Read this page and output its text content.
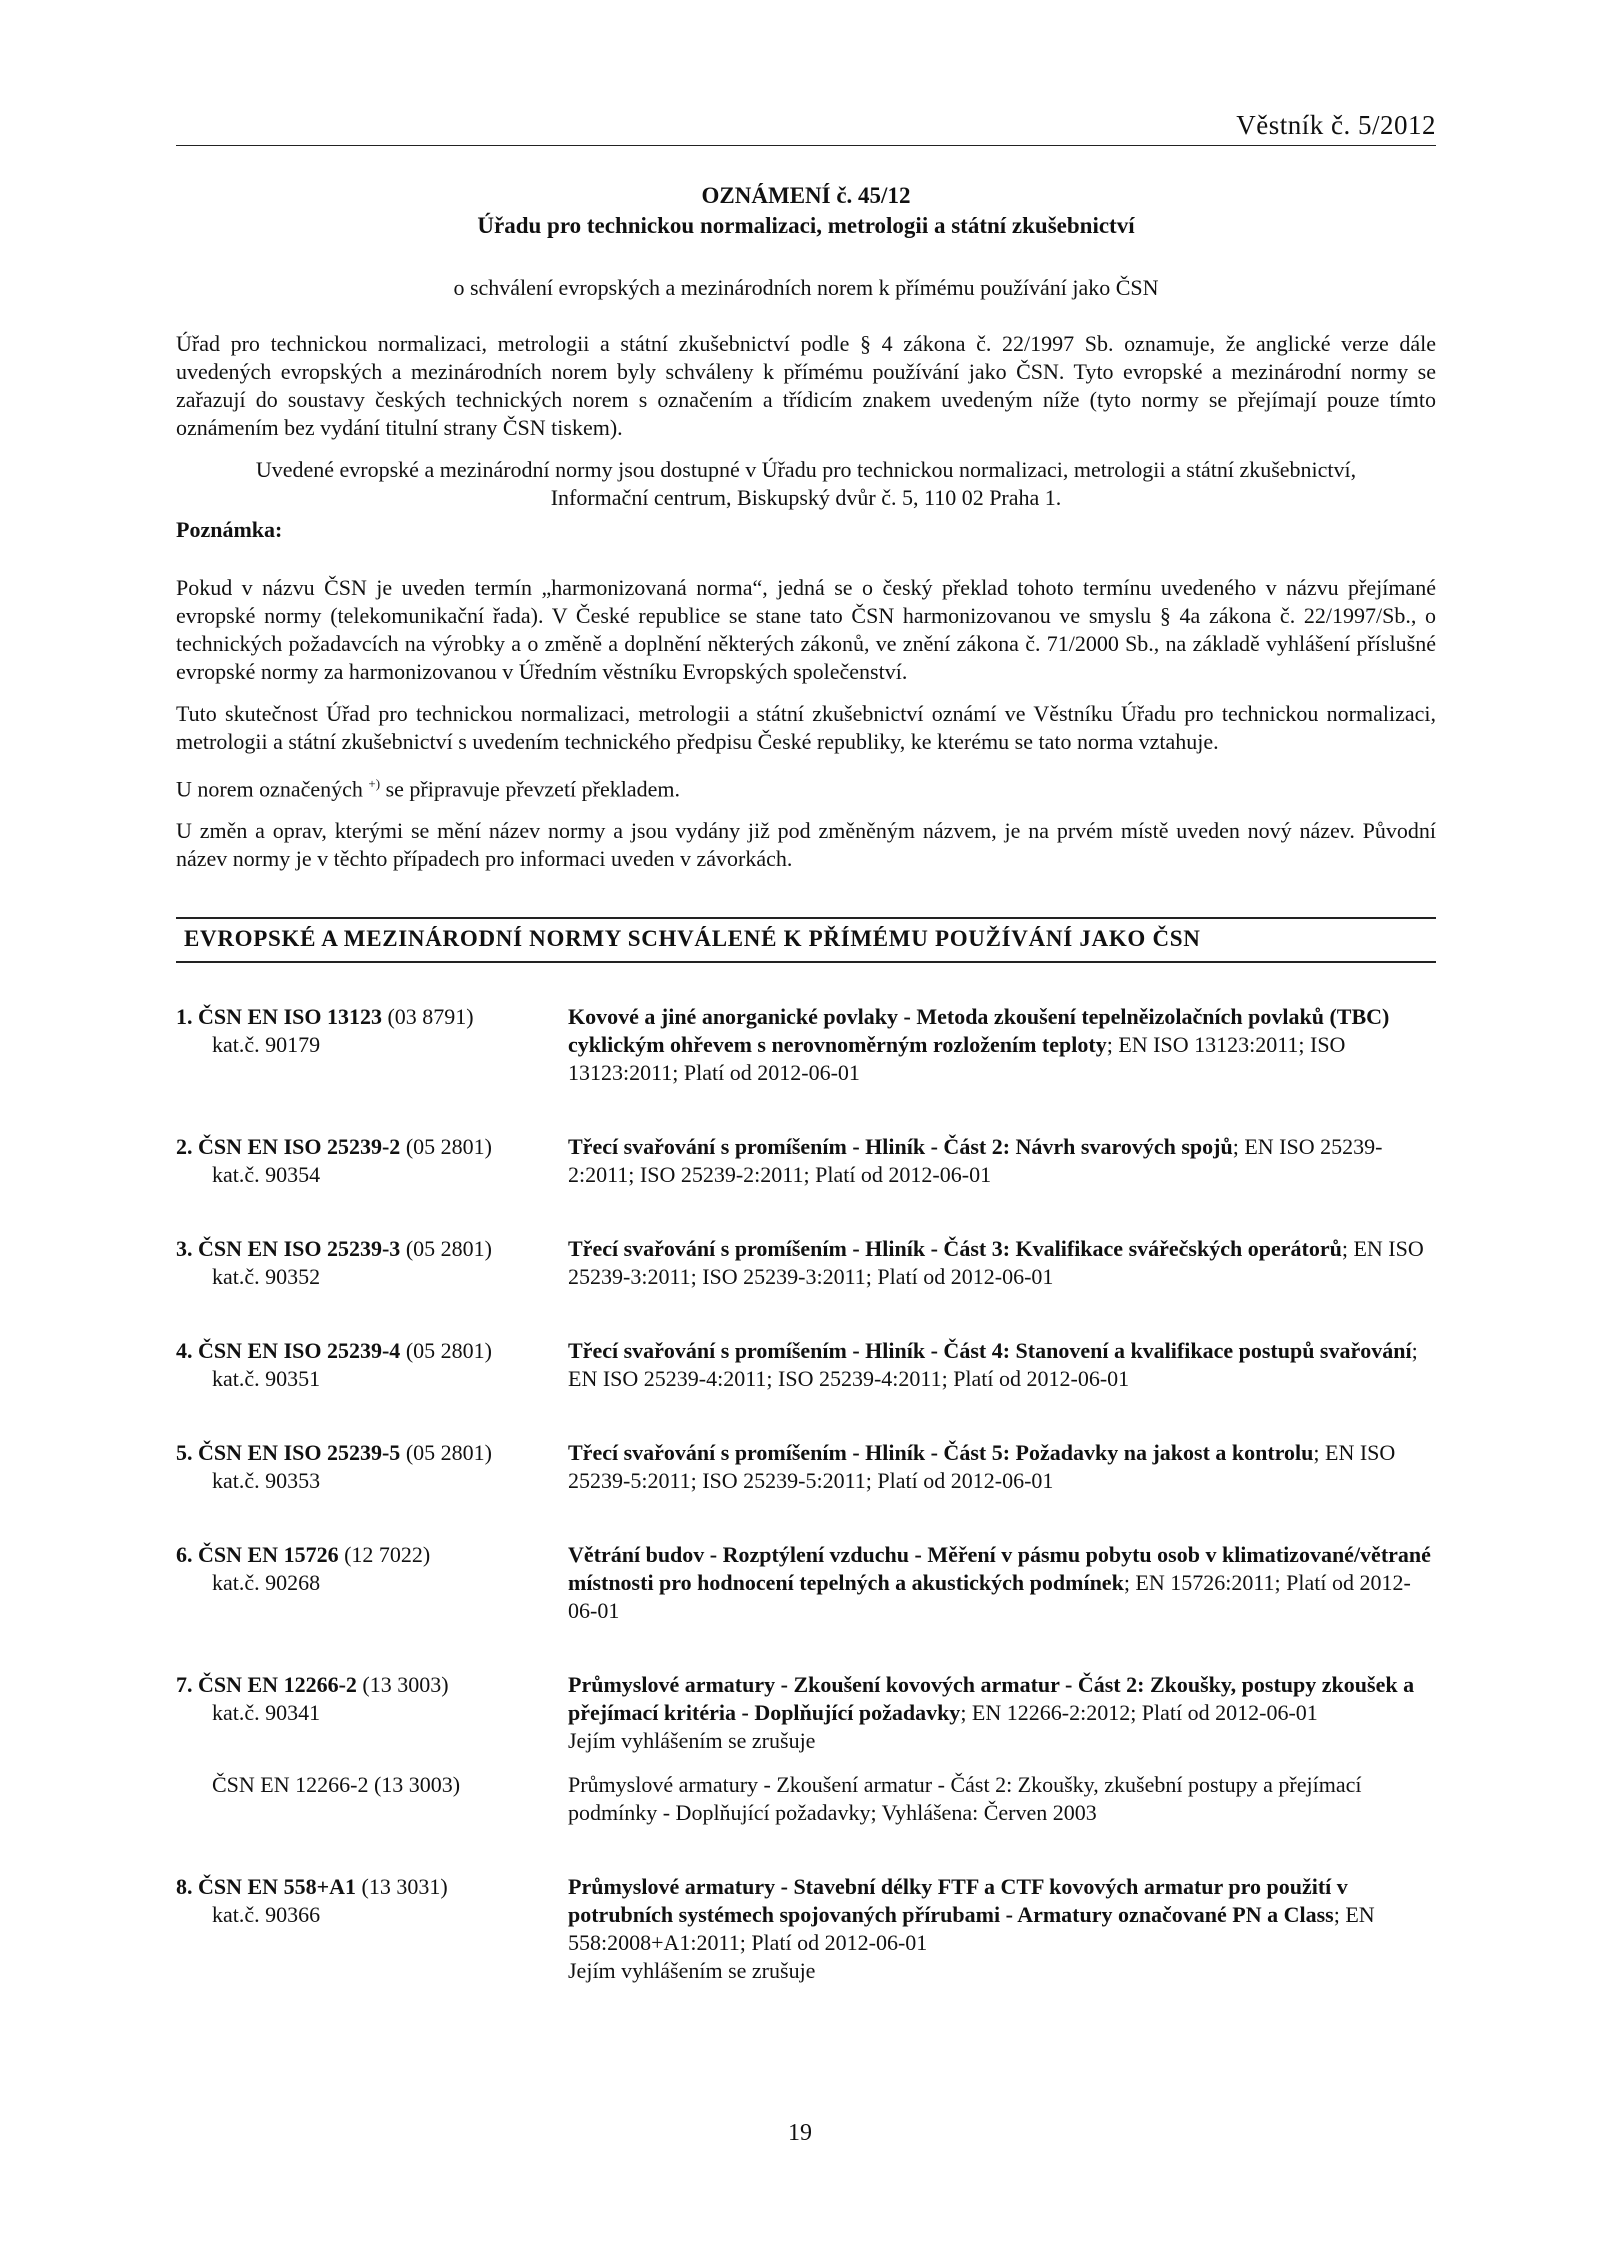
Věstník č. 5/2012
OZNÁMENÍ č. 45/12
Úřadu pro technickou normalizaci, metrologii a státní zkušebnictví
o schválení evropských a mezinárodních norem k přímému používání jako ČSN

Úřad pro technickou normalizaci, metrologii a státní zkušebnictví podle § 4 zákona č. 22/1997 Sb. oznamuje, že anglické verze dále uvedených evropských a mezinárodních norem byly schváleny k přímému používání jako ČSN. Tyto evropské a mezinárodní normy se zařazují do soustavy českých technických norem s označením a třídicím znakem uvedeným níže (tyto normy se přejímají pouze tímto oznámením bez vydání titulní strany ČSN tiskem).

Uvedené evropské a mezinárodní normy jsou dostupné v Úřadu pro technickou normalizaci, metrologii a státní zkušebnictví,
Informační centrum, Biskupský dvůr č. 5, 110 02 Praha 1.
Poznámka:

Pokud v názvu ČSN je uveden termín „harmonizovaná norma“, jedná se o český překlad tohoto termínu uvedeného v názvu přejímané evropské normy (telekomunikační řada). V České republice se stane tato ČSN harmonizovanou ve smyslu § 4a zákona č. 22/1997/Sb., o technických požadavcích na výrobky a o změně a doplnění některých zákonů, ve znění zákona č. 71/2000 Sb., na základě vyhlášení příslušné evropské normy za harmonizovanou v Úředním věstníku Evropských společenství.

Tuto skutečnost Úřad pro technickou normalizaci, metrologii a státní zkušebnictví oznámí ve Věstníku Úřadu pro technickou normalizaci, metrologii a státní zkušebnictví s uvedením technického předpisu České republiky, ke kterému se tato norma vztahuje.

U norem označených +) se připravuje převzetí překladem.

U změn a oprav, kterými se mění název normy a jsou vydány již pod změněným názvem, je na prvém místě uveden nový název. Původní název normy je v těchto případech pro informaci uveden v závorkách.

EVROPSKÉ A MEZINÁRODNÍ NORMY SCHVÁLENÉ K PŘÍMÉMU POUŽÍVÁNÍ JAKO ČSN
1. ČSN EN ISO 13123 (03 8791)
kat.č. 90179
Kovové a jiné anorganické povlaky - Metoda zkoušení tepelněizolačních povlaků (TBC) cyklickým ohřevem s nerovnoměrným rozložením teploty; EN ISO 13123:2011; ISO 13123:2011; Platí od 2012-06-01
2. ČSN EN ISO 25239-2 (05 2801)
kat.č. 90354
Třecí svařování s promíšením - Hliník - Část 2: Návrh svarových spojů; EN ISO 25239-2:2011; ISO 25239-2:2011; Platí od 2012-06-01
3. ČSN EN ISO 25239-3 (05 2801)
kat.č. 90352
Třecí svařování s promíšením - Hliník - Část 3: Kvalifikace svářečských operátorů; EN ISO 25239-3:2011; ISO 25239-3:2011; Platí od 2012-06-01
4. ČSN EN ISO 25239-4 (05 2801)
kat.č. 90351
Třecí svařování s promíšením - Hliník - Část 4: Stanovení a kvalifikace postupů svařování; EN ISO 25239-4:2011; ISO 25239-4:2011; Platí od 2012-06-01
5. ČSN EN ISO 25239-5 (05 2801)
kat.č. 90353
Třecí svařování s promíšením - Hliník - Část 5: Požadavky na jakost a kontrolu; EN ISO 25239-5:2011; ISO 25239-5:2011; Platí od 2012-06-01
6. ČSN EN 15726 (12 7022)
kat.č. 90268
Větrání budov - Rozptýlení vzduchu - Měření v pásmu pobytu osob v klimatizované/větrané místnosti pro hodnocení tepelných a akustických podmínek; EN 15726:2011; Platí od 2012-06-01
7. ČSN EN 12266-2 (13 3003)
kat.č. 90341
Průmyslové armatury - Zkoušení kovových armatur - Část 2: Zkoušky, postupy zkoušek a přejímací kritéria - Doplňující požadavky; EN 12266-2:2012; Platí od 2012-06-01
Jejím vyhlášením se zrušuje
ČSN EN 12266-2 (13 3003)	Průmyslové armatury - Zkoušení armatur - Část 2: Zkoušky, zkušební postupy a přejímací podmínky - Doplňující požadavky; Vyhlášena: Červen 2003
8. ČSN EN 558+A1 (13 3031)
kat.č. 90366
Průmyslové armatury - Stavební délky FTF a CTF kovových armatur pro použití v potrubních systémech spojovaných přírubami - Armatury označované PN a Class; EN 558:2008+A1:2011; Platí od 2012-06-01
Jejím vyhlášením se zrušuje
19
